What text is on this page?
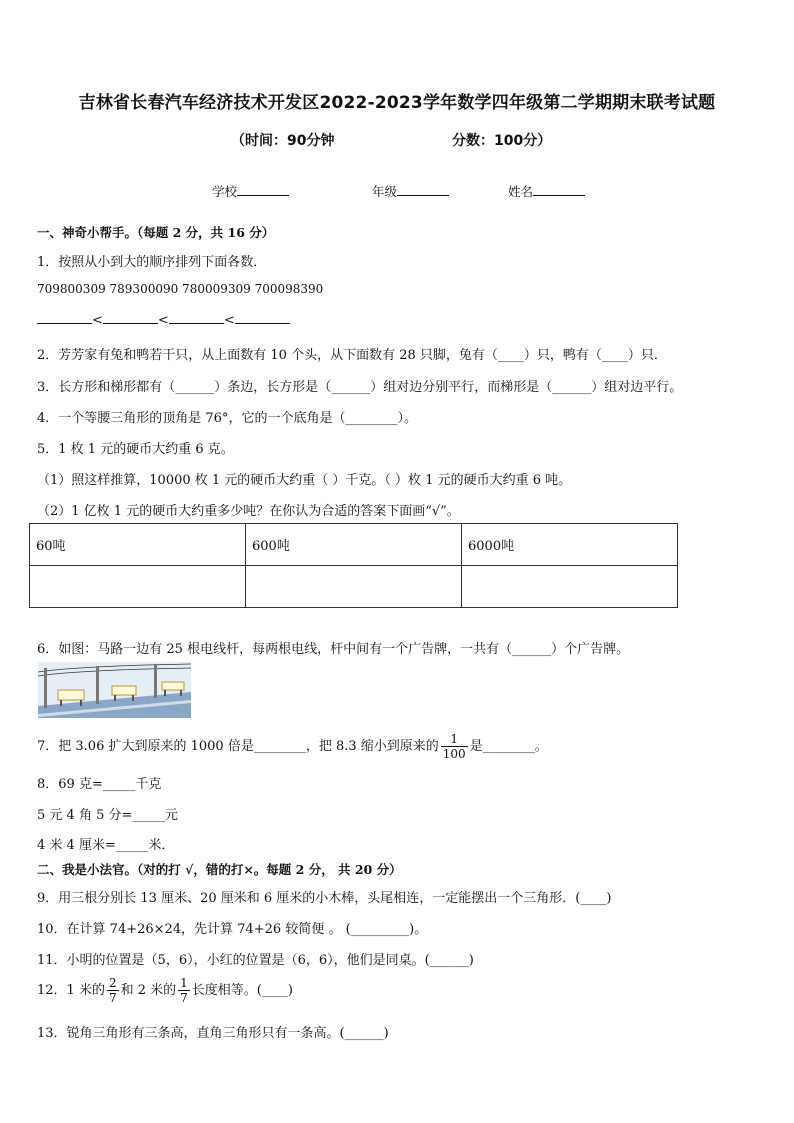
吉林省长春汽车经济技术开发区2022-2023学年数学四年级第二学期期末联考试题
（时间：90分钟	分数：100分）
学校	年级	姓名
一、神奇小帮手。（每题 2 分，共 16 分）
1．按照从小到大的顺序排列下面各数．
709800309 789300090 780009309 700098390
<	<	<
2．芳芳家有兔和鸭若干只，从上面数有 10 个头，从下面数有 28 只脚，兔有（____）只，鸭有（____）只．
3．长方形和梯形都有（______）条边，长方形是（______）组对边分别平行，而梯形是（______）组对边平行。
4．一个等腰三角形的顶角是 76°，它的一个底角是（________）。
5．1 枚 1 元的硬币大约重 6 克。
（1）照这样推算，10000 枚 1 元的硬币大约重（ ）千克。（ ）枚 1 元的硬币大约重 6 吨。
（2）1 亿枚 1 元的硬币大约重多少吨？在你认为合适的答案下面画“√”。
60吨	600吨	6000吨

6．如图：马路一边有 25 根电线杆，每两根电线，杆中间有一个广告牌，一共有（______）个广告牌。
7．把 3.06 扩大到原来的 1000 倍是________，把 8.3 缩小到原来的 $\frac{1}{100}$ 是________。
8．69 克=_____千克
5 元 4 角 5 分=_____元
4 米 4 厘米=_____米．
二、我是小法官。（对的打 √，错的打×。每题 2 分， 共 20 分）
9．用三根分别长 13 厘米、20 厘米和 6 厘米的小木棒，头尾相连，一定能摆出一个三角形．(____)
10．在计算 74+26×24，先计算 74+26 较简便 。 (_________)。
11．小明的位置是（5，6），小红的位置是（6，6），他们是同桌。(______)
12．1 米的 $\frac{2}{7}$ 和 2 米的 $\frac{1}{7}$ 长度相等。(____)
13．锐角三角形有三条高，直角三角形只有一条高。(______)
